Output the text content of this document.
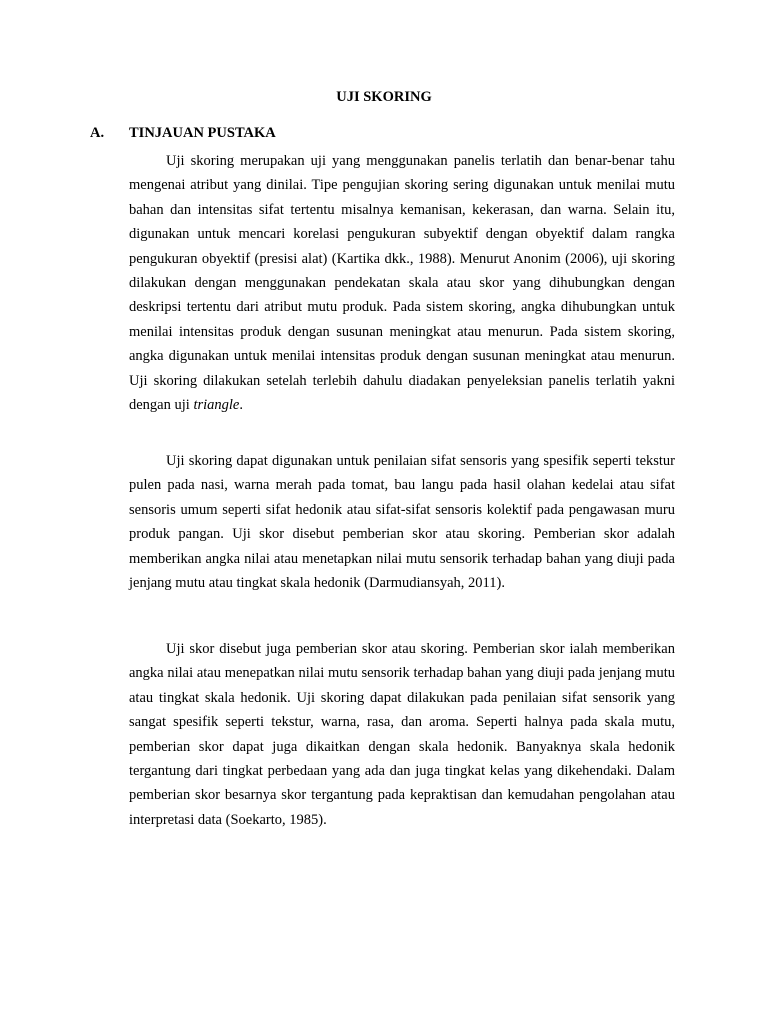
UJI SKORING
A. TINJAUAN PUSTAKA

Uji skoring merupakan uji yang menggunakan panelis terlatih dan benar-benar tahu mengenai atribut yang dinilai. Tipe pengujian skoring sering digunakan untuk menilai mutu bahan dan intensitas sifat tertentu misalnya kemanisan, kekerasan, dan warna. Selain itu, digunakan untuk mencari korelasi pengukuran subyektif dengan obyektif dalam rangka pengukuran obyektif (presisi alat) (Kartika dkk., 1988). Menurut Anonim (2006), uji skoring dilakukan dengan menggunakan pendekatan skala atau skor yang dihubungkan dengan deskripsi tertentu dari atribut mutu produk. Pada sistem skoring, angka dihubungkan untuk menilai intensitas produk dengan susunan meningkat atau menurun. Pada sistem skoring, angka digunakan untuk menilai intensitas produk dengan susunan meningkat atau menurun. Uji skoring dilakukan setelah terlebih dahulu diadakan penyeleksian panelis terlatih yakni dengan uji triangle.

Uji skoring dapat digunakan untuk penilaian sifat sensoris yang spesifik seperti tekstur pulen pada nasi, warna merah pada tomat, bau langu pada hasil olahan kedelai atau sifat sensoris umum seperti sifat hedonik atau sifat-sifat sensoris kolektif pada pengawasan muru produk pangan. Uji skor disebut pemberian skor atau skoring. Pemberian skor adalah memberikan angka nilai atau menetapkan nilai mutu sensorik terhadap bahan yang diuji pada jenjang mutu atau tingkat skala hedonik (Darmudiansyah, 2011).

Uji skor disebut juga pemberian skor atau skoring. Pemberian skor ialah memberikan angka nilai atau menepatkan nilai mutu sensorik terhadap bahan yang diuji pada jenjang mutu atau tingkat skala hedonik. Uji skoring dapat dilakukan pada penilaian sifat sensorik yang sangat spesifik seperti tekstur, warna, rasa, dan aroma. Seperti halnya pada skala mutu, pemberian skor dapat juga dikaitkan dengan skala hedonik. Banyaknya skala hedonik tergantung dari tingkat perbedaan yang ada dan juga tingkat kelas yang dikehendaki. Dalam pemberian skor besarnya skor tergantung pada kepraktisan dan kemudahan pengolahan atau interpretasi data (Soekarto, 1985).
